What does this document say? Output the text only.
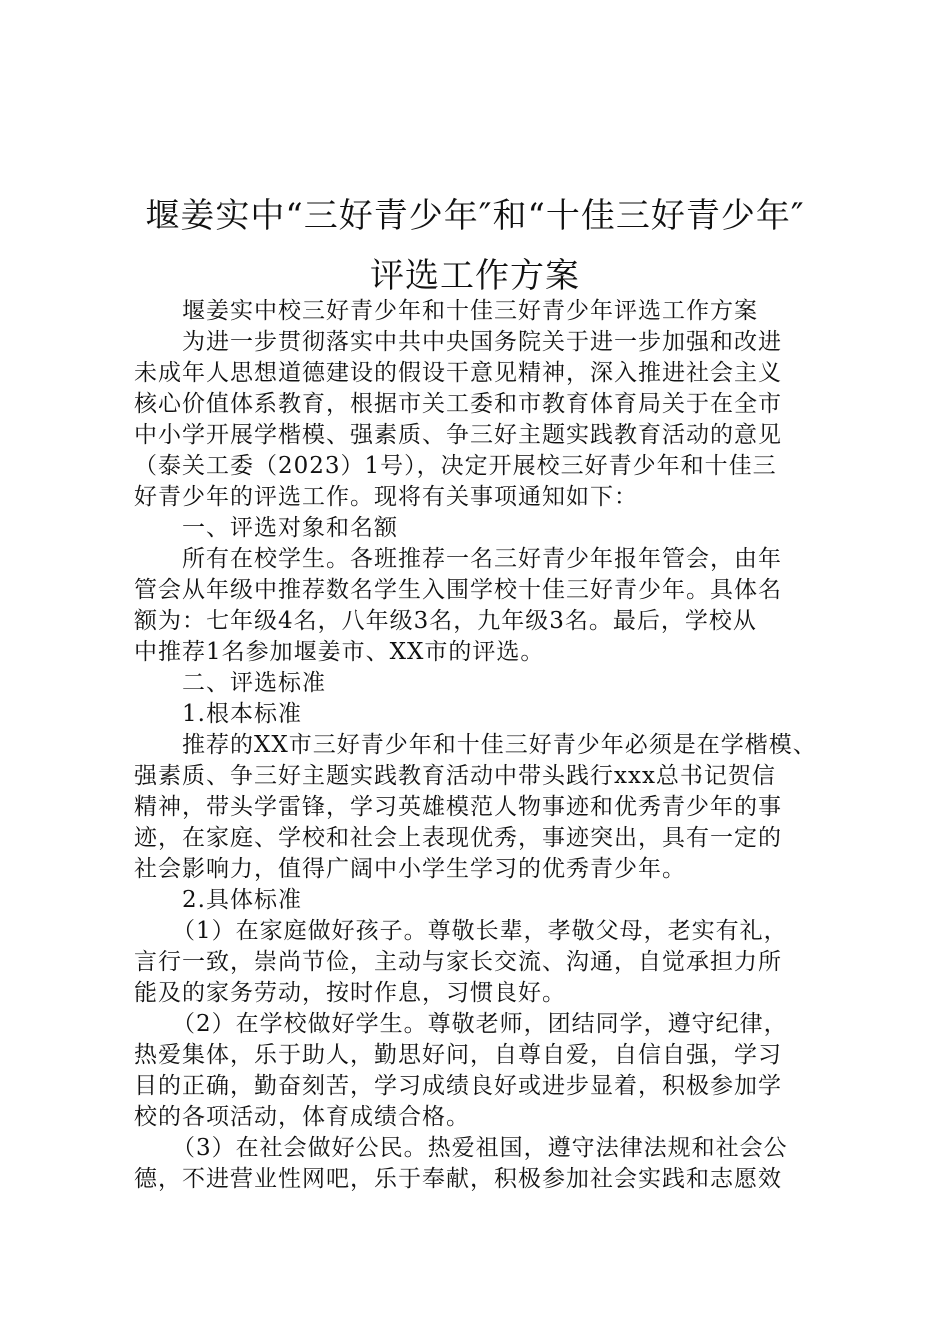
堰姜实中“三好青少年″和“十佳三好青少年″
评选工作方案
堰姜实中校三好青少年和十佳三好青少年评选工作方案
为进一步贯彻落实中共中央国务院关于进一步加强和改进
未成年人思想道德建设的假设干意见精神，深入推进社会主义
核心价值体系教育，根据市关工委和市教育体育局关于在全市
中小学开展学楷模、强素质、争三好主题实践教育活动的意见
（泰关工委（2023）1号），决定开展校三好青少年和十佳三
好青少年的评选工作。现将有关事项通知如下：
一、评选对象和名额
所有在校学生。各班推荐一名三好青少年报年管会，由年
管会从年级中推荐数名学生入围学校十佳三好青少年。具体名
额为：七年级4名，八年级3名，九年级3名。最后，学校从
中推荐1名参加堰姜市、XX市的评选。
二、评选标准
1.根本标准
推荐的XX市三好青少年和十佳三好青少年必须是在学楷模、
强素质、争三好主题实践教育活动中带头践行xxx总书记贺信
精神，带头学雷锋，学习英雄模范人物事迹和优秀青少年的事
迹，在家庭、学校和社会上表现优秀，事迹突出，具有一定的
社会影响力，值得广阔中小学生学习的优秀青少年。
2.具体标准
（1）在家庭做好孩子。尊敬长辈，孝敬父母，老实有礼，
言行一致，崇尚节俭，主动与家长交流、沟通，自觉承担力所
能及的家务劳动，按时作息，习惯良好。
（2）在学校做好学生。尊敬老师，团结同学，遵守纪律，
热爱集体，乐于助人，勤思好问，自尊自爱，自信自强，学习
目的正确，勤奋刻苦，学习成绩良好或进步显着，积极参加学
校的各项活动，体育成绩合格。
（3）在社会做好公民。热爱祖国，遵守法律法规和社会公
德，不进营业性网吧，乐于奉献，积极参加社会实践和志愿效
